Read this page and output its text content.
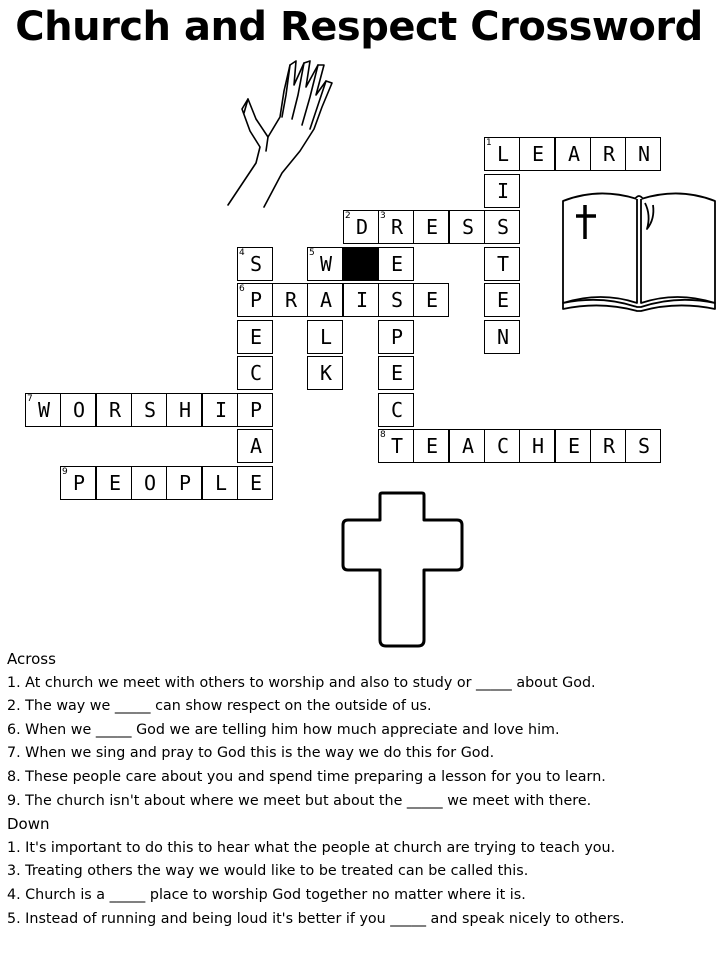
Church and Respect Crossword
1 L	E	A	R	N
I
2 D	3 R	E	S	S
4 S	5 W	E	T
6 P	R	A	I	S	E	E
E	L	P	N
C	K	E
7 W	O	R	S	H	I	P	C
A	8 T	E	A	C	H	E	R	S
9 P	E	O	P	L	E
Across
1. At church we meet with others to worship and also to study or _____ about God.
2. The way we _____ can show respect on the outside of us.
6. When we _____ God we are telling him how much appreciate and love him.
7. When we sing and pray to God this is the way we do this for God.
8. These people care about you and spend time preparing a lesson for you to learn.
9. The church isn't about where we meet but about the _____ we meet with there.
Down
1. It's important to do this to hear what the people at church are trying to teach you.
3. Treating others the way we would like to be treated can be called this.
4. Church is a _____ place to worship God together no matter where it is.
5. Instead of running and being loud it's better if you _____ and speak nicely to others.
